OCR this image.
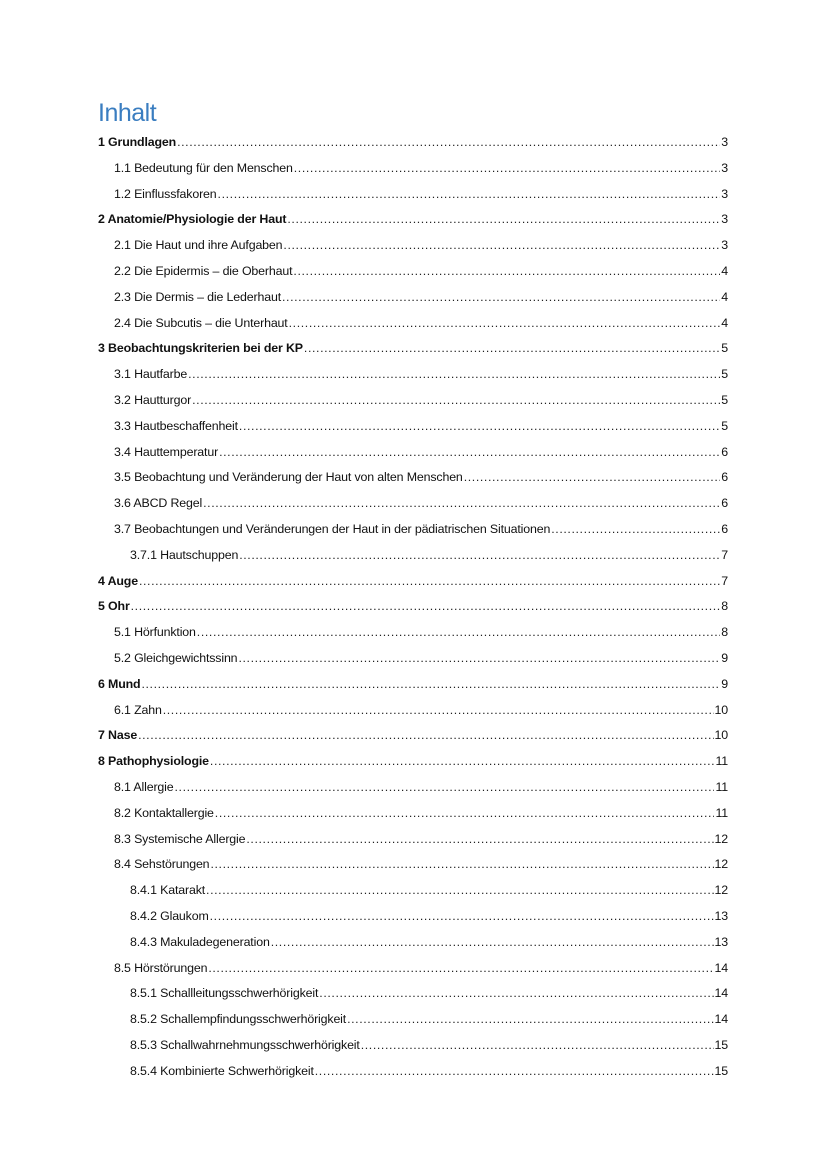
Inhalt
1 Grundlagen .....	3
1.1 Bedeutung für den Menschen .....	3
1.2 Einflussfakoren .....	3
2 Anatomie/Physiologie der Haut .....	3
2.1 Die Haut und ihre Aufgaben .....	3
2.2 Die Epidermis – die Oberhaut .....	4
2.3 Die Dermis – die Lederhaut .....	4
2.4 Die Subcutis – die Unterhaut .....	4
3 Beobachtungskriterien bei der KP .....	5
3.1 Hautfarbe .....	5
3.2 Hautturgor .....	5
3.3 Hautbeschaffenheit .....	5
3.4 Hauttemperatur .....	6
3.5 Beobachtung und Veränderung der Haut von alten Menschen .....	6
3.6 ABCD Regel .....	6
3.7 Beobachtungen und Veränderungen der Haut in der pädiatrischen Situationen .....	6
3.7.1 Hautschuppen .....	7
4 Auge .....	7
5 Ohr .....	8
5.1 Hörfunktion .....	8
5.2 Gleichgewichtssinn .....	9
6 Mund .....	9
6.1 Zahn .....	10
7 Nase .....	10
8 Pathophysiologie .....	11
8.1 Allergie .....	11
8.2 Kontaktallergie .....	11
8.3 Systemische Allergie .....	12
8.4 Sehstörungen .....	12
8.4.1 Katarakt .....	12
8.4.2 Glaukom .....	13
8.4.3 Makuladegeneration .....	13
8.5 Hörstörungen .....	14
8.5.1 Schallleitungsschwerhörigkeit .....	14
8.5.2 Schallempfindungsschwerhörigkeit .....	14
8.5.3 Schallwahrnehmungsschwerhörigkeit .....	15
8.5.4 Kombinierte Schwerhörigkeit .....	15
